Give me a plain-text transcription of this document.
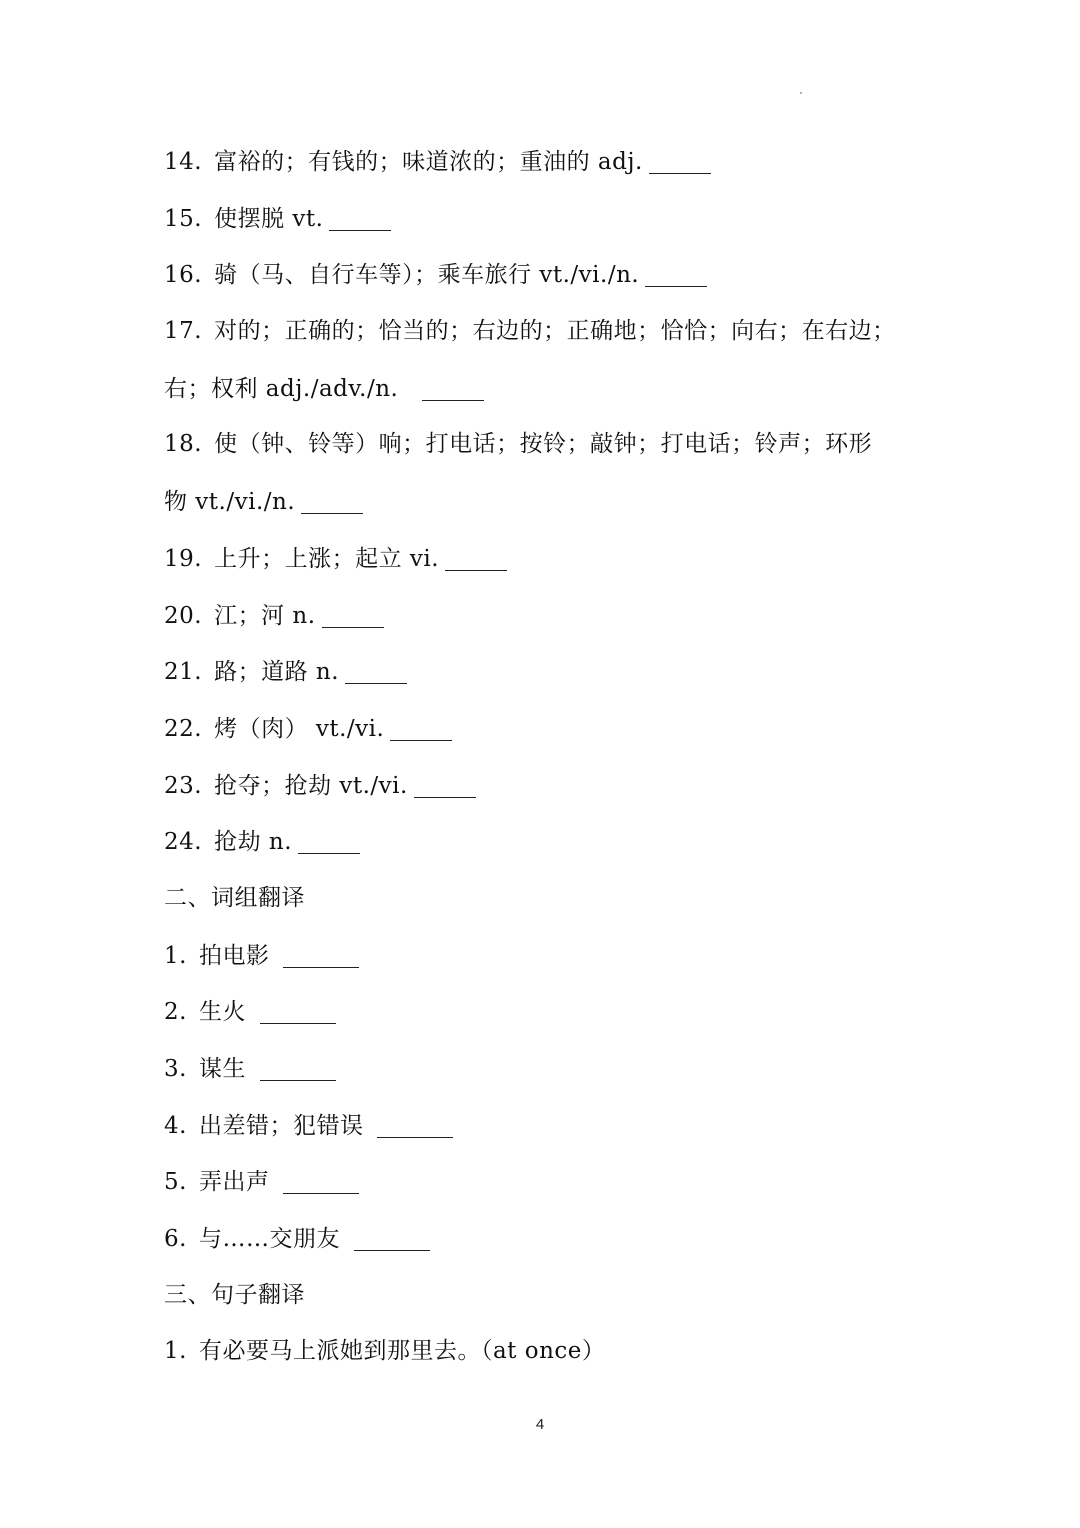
14. 富裕的；有钱的；味道浓的；重油的 adj.
15. 使摆脱 vt.
16. 骑（马、自行车等）；乘车旅行 vt./vi./n.
17. 对的；正确的；恰当的；右边的；正确地；恰恰；向右；在右边；
右；权利 adj./adv./n.
18. 使（钟、铃等）响；打电话；按铃；敲钟；打电话；铃声；环形
物 vt./vi./n.
19. 上升；上涨；起立 vi.
20. 江；河 n.
21. 路；道路 n.
22. 烤（肉） vt./vi.
23. 抢夺；抢劫 vt./vi.
24. 抢劫 n.
二、词组翻译
1. 拍电影
2. 生火
3. 谋生
4. 出差错；犯错误
5. 弄出声
6. 与……交朋友
三、句子翻译
1. 有必要马上派她到那里去。（at once）
4
